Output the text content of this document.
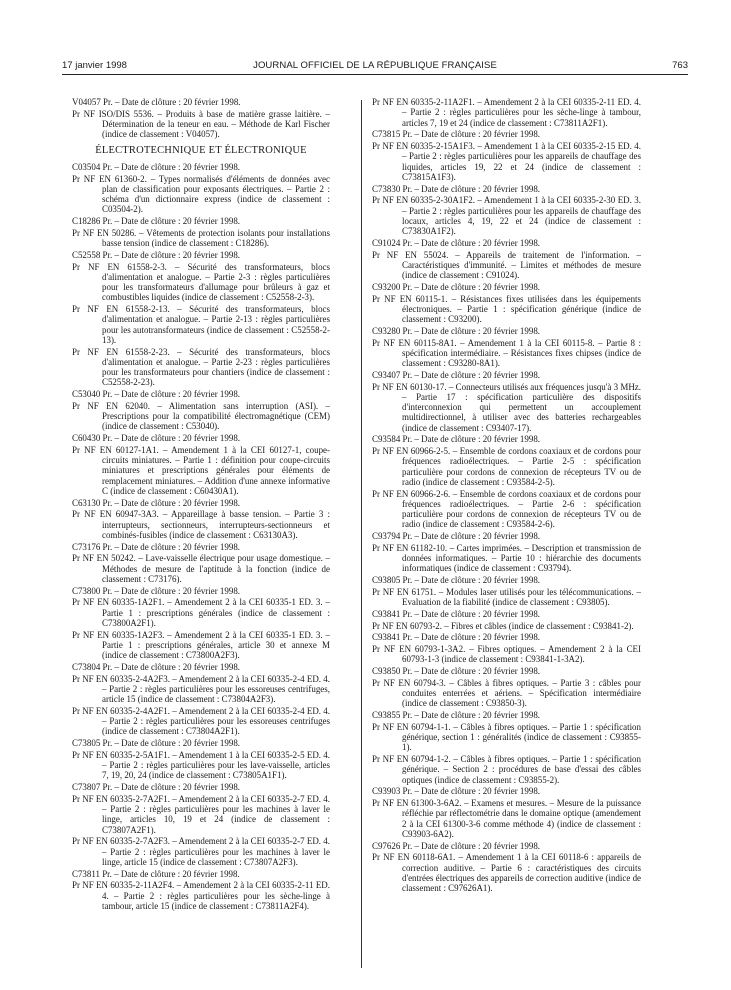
17 janvier 1998	JOURNAL OFFICIEL DE LA RÉPUBLIQUE FRANÇAISE	763

V04057 Pr. – Date de clôture : 20 février 1998.

Pr NF ISO/DIS 5536. – Produits à base de matière grasse laitière. – Détermination de la teneur en eau. – Méthode de Karl Fischer (indice de classement : V04057).

ÉLECTROTECHNIQUE ET ÉLECTRONIQUE

C03504 Pr. – Date de clôture : 20 février 1998.

Pr NF EN 61360-2. – Types normalisés d'éléments de données avec plan de classification pour exposants électriques. – Partie 2 : schéma d'un dictionnaire express (indice de classement : C03504-2).

C18286 Pr. – Date de clôture : 20 février 1998.

Pr NF EN 50286. – Vêtements de protection isolants pour installations basse tension (indice de classement : C18286).

C52558 Pr. – Date de clôture : 20 février 1998.

Pr NF EN 61558-2-3. – Sécurité des transformateurs, blocs d'alimentation et analogue. – Partie 2-3 : règles particulières pour les transformateurs d'allumage pour brûleurs à gaz et combustibles liquides (indice de classement : C52558-2-3).

Pr NF EN 61558-2-13. – Sécurité des transformateurs, blocs d'alimentation et analogue. – Partie 2-13 : règles particulières pour les autotransformateurs (indice de classement : C52558-2-13).

Pr NF EN 61558-2-23. – Sécurité des transformateurs, blocs d'alimentation et analogue. – Partie 2-23 : règles particulières pour les transformateurs pour chantiers (indice de classement : C52558-2-23).

C53040 Pr. – Date de clôture : 20 février 1998.

Pr NF EN 62040. – Alimentation sans interruption (ASI). – Prescriptions pour la compatibilité électromagnétique (CEM) (indice de classement : C53040).

C60430 Pr. – Date de clôture : 20 février 1998.

Pr NF EN 60127-1A1. – Amendement 1 à la CEI 60127-1, coupe-circuits miniatures. – Partie 1 : définition pour coupe-circuits miniatures et prescriptions générales pour éléments de remplacement miniatures. – Addition d'une annexe informative C (indice de classement : C60430A1).

C63130 Pr. – Date de clôture : 20 février 1998.

Pr NF EN 60947-3A3. – Appareillage à basse tension. – Partie 3 : interrupteurs, sectionneurs, interrupteurs-sectionneurs et combinés-fusibles (indice de classement : C63130A3).

C73176 Pr. – Date de clôture : 20 février 1998.

Pr NF EN 50242. – Lave-vaisselle électrique pour usage domestique. – Méthodes de mesure de l'aptitude à la fonction (indice de classement : C73176).

C73800 Pr. – Date de clôture : 20 février 1998.

Pr NF EN 60335-1A2F1. – Amendement 2 à la CEI 60335-1 ED. 3. – Partie 1 : prescriptions générales (indice de classement : C73800A2F1).

Pr NF EN 60335-1A2F3. – Amendement 2 à la CEI 60335-1 ED. 3. – Partie 1 : prescriptions générales, article 30 et annexe M (indice de classement : C73800A2F3).

C73804 Pr. – Date de clôture : 20 février 1998.

Pr NF EN 60335-2-4A2F3. – Amendement 2 à la CEI 60335-2-4 ED. 4. – Partie 2 : règles particulières pour les essoreuses centrifuges, article 15 (indice de classement : C73804A2F3).

Pr NF EN 60335-2-4A2F1. – Amendement 2 à la CEI 60335-2-4 ED. 4. – Partie 2 : règles particulières pour les essoreuses centrifuges (indice de classement : C73804A2F1).

C73805 Pr. – Date de clôture : 20 février 1998.

Pr NF EN 60335-2-5A1F1. – Amendement 1 à la CEI 60335-2-5 ED. 4. – Partie 2 : règles particulières pour les lave-vaisselle, articles 7, 19, 20, 24 (indice de classement : C73805A1F1).

C73807 Pr. – Date de clôture : 20 février 1998.

Pr NF EN 60335-2-7A2F1. – Amendement 2 à la CEI 60335-2-7 ED. 4. – Partie 2 : règles particulières pour les machines à laver le linge, articles 10, 19 et 24 (indice de classement : C73807A2F1).

Pr NF EN 60335-2-7A2F3. – Amendement 2 à la CEI 60335-2-7 ED. 4. – Partie 2 : règles particulières pour les machines à laver le linge, article 15 (indice de classement : C73807A2F3).

C73811 Pr. – Date de clôture : 20 février 1998.

Pr NF EN 60335-2-11A2F4. – Amendement 2 à la CEI 60335-2-11 ED. 4. – Partie 2 : règles particulières pour les sèche-linge à tambour, article 15 (indice de classement : C73811A2F4).

Pr NF EN 60335-2-11A2F1. – Amendement 2 à la CEI 60335-2-11 ED. 4. – Partie 2 : règles particulières pour les sèche-linge à tambour, articles 7, 19 et 24 (indice de classement : C73811A2F1).

C73815 Pr. – Date de clôture : 20 février 1998.

Pr NF EN 60335-2-15A1F3. – Amendement 1 à la CEI 60335-2-15 ED. 4. – Partie 2 : règles particulières pour les appareils de chauffage des liquides, articles 19, 22 et 24 (indice de classement : C73815A1F3).

C73830 Pr. – Date de clôture : 20 février 1998.

Pr NF EN 60335-2-30A1F2. – Amendement 1 à la CEI 60335-2-30 ED. 3. – Partie 2 : règles particulières pour les appareils de chauffage des locaux, articles 4, 19, 22 et 24 (indice de classement : C73830A1F2).

C91024 Pr. – Date de clôture : 20 février 1998.

Pr NF EN 55024. – Appareils de traitement de l'information. – Caractéristiques d'immunité. – Limites et méthodes de mesure (indice de classement : C91024).

C93200 Pr. – Date de clôture : 20 février 1998.

Pr NF EN 60115-1. – Résistances fixes utilisées dans les équipements électroniques. – Partie 1 : spécification générique (indice de classement : C93200).

C93280 Pr. – Date de clôture : 20 février 1998.

Pr NF EN 60115-8A1. – Amendement 1 à la CEI 60115-8. – Partie 8 : spécification intermédiaire. – Résistances fixes chipses (indice de classement : C93280-8A1).

C93407 Pr. – Date de clôture : 20 février 1998.

Pr NF EN 60130-17. – Connecteurs utilisés aux fréquences jusqu'à 3 MHz. – Partie 17 : spécification particulière des dispositifs d'interconnexion qui permettent un accouplement multidirectionnel, à utiliser avec des batteries rechargeables (indice de classement : C93407-17).

C93584 Pr. – Date de clôture : 20 février 1998.

Pr NF EN 60966-2-5. – Ensemble de cordons coaxiaux et de cordons pour fréquences radioélectriques. – Partie 2-5 : spécification particulière pour cordons de connexion de récepteurs TV ou de radio (indice de classement : C93584-2-5).

Pr NF EN 60966-2-6. – Ensemble de cordons coaxiaux et de cordons pour fréquences radioélectriques. – Partie 2-6 : spécification particulière pour cordons de connexion de récepteurs TV ou de radio (indice de classement : C93584-2-6).

C93794 Pr. – Date de clôture : 20 février 1998.

Pr NF EN 61182-10. – Cartes imprimées. – Description et transmission de données informatiques. – Partie 10 : hiérarchie des documents informatiques (indice de classement : C93794).

C93805 Pr. – Date de clôture : 20 février 1998.

Pr NF EN 61751. – Modules laser utilisés pour les télécommunications. – Evaluation de la fiabilité (indice de classement : C93805).

C93841 Pr. – Date de clôture : 20 février 1998.

Pr NF EN 60793-2. – Fibres et câbles (indice de classement : C93841-2).

C93841 Pr. – Date de clôture : 20 février 1998.

Pr NF EN 60793-1-3A2. – Fibres optiques. – Amendement 2 à la CEI 60793-1-3 (indice de classement : C93841-1-3A2).

C93850 Pr. – Date de clôture : 20 février 1998.

Pr NF EN 60794-3. – Câbles à fibres optiques. – Partie 3 : câbles pour conduites enterrées et aériens. – Spécification intermédiaire (indice de classement : C93850-3).

C93855 Pr. – Date de clôture : 20 février 1998.

Pr NF EN 60794-1-1. – Câbles à fibres optiques. – Partie 1 : spécification générique, section 1 : généralités (indice de classement : C93855-1).

Pr NF EN 60794-1-2. – Câbles à fibres optiques. – Partie 1 : spécification générique. – Section 2 : procédures de base d'essai des câbles optiques (indice de classement : C93855-2).

C93903 Pr. – Date de clôture : 20 février 1998.

Pr NF EN 61300-3-6A2. – Examens et mesures. – Mesure de la puissance réfléchie par réflectométrie dans le domaine optique (amendement 2 à la CEI 61300-3-6 comme méthode 4) (indice de classement : C93903-6A2).

C97626 Pr. – Date de clôture : 20 février 1998.

Pr NF EN 60118-6A1. – Amendement 1 à la CEI 60118-6 : appareils de correction auditive. – Partie 6 : caractéristiques des circuits d'entrées électriques des appareils de correction auditive (indice de classement : C97626A1).
